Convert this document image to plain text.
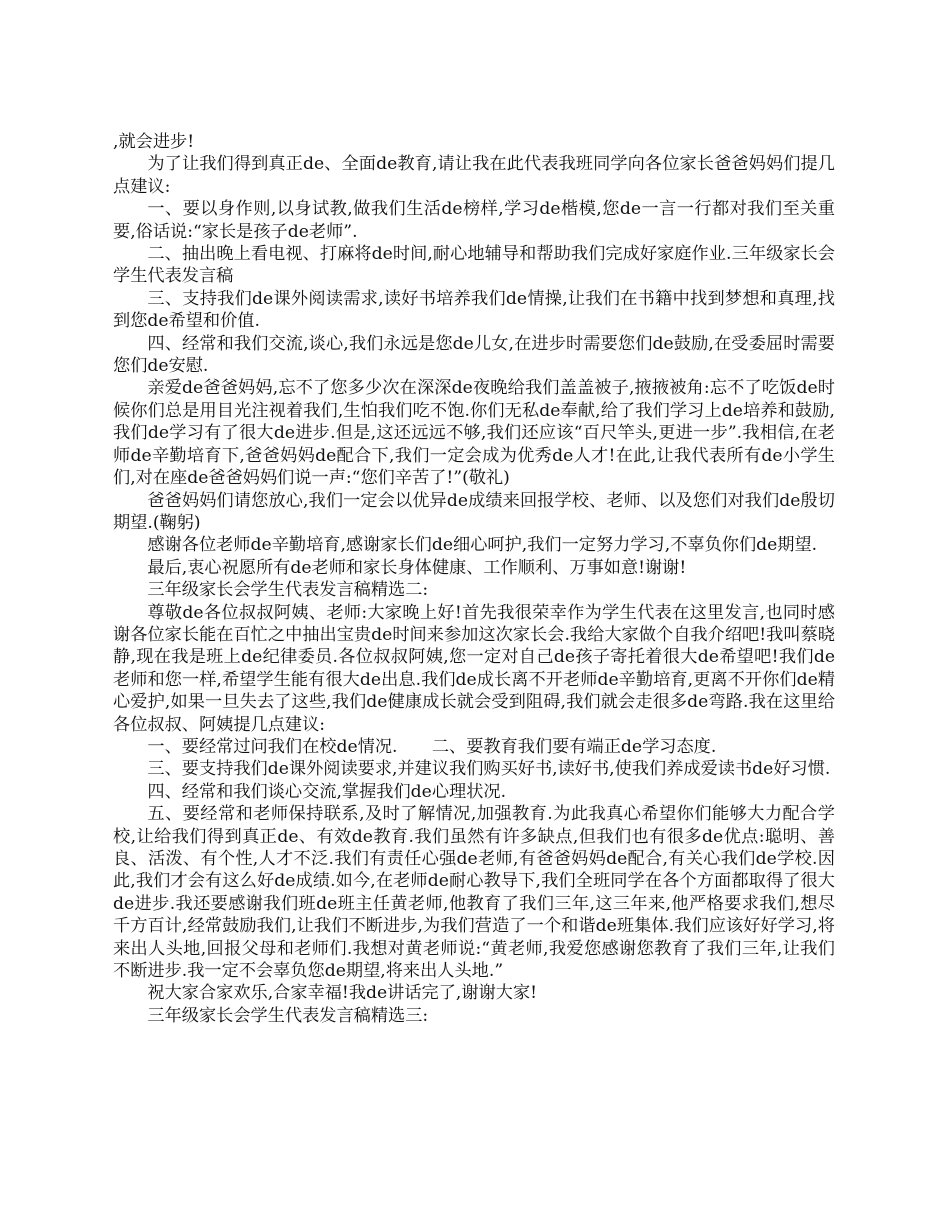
,就会进步!

为了让我们得到真正de、全面de教育,请让我在此代表我班同学向各位家长爸爸妈妈们提几点建议:

一、要以身作则,以身试教,做我们生活de榜样,学习de楷模,您de一言一行都对我们至关重要,俗话说:“家长是孩子de老师”.

二、抽出晚上看电视、打麻将de时间,耐心地辅导和帮助我们完成好家庭作业.三年级家长会学生代表发言稿

三、支持我们de课外阅读需求,读好书培养我们de情操,让我们在书籍中找到梦想和真理,找到您de希望和价值.

四、经常和我们交流,谈心,我们永远是您de儿女,在进步时需要您们de鼓励,在受委屈时需要您们de安慰.

亲爱de爸爸妈妈,忘不了您多少次在深深de夜晚给我们盖盖被子,掖掖被角:忘不了吃饭de时候你们总是用目光注视着我们,生怕我们吃不饱.你们无私de奉献,给了我们学习上de培养和鼓励,我们de学习有了很大de进步.但是,这还远远不够,我们还应该“百尺竿头,更进一步”.我相信,在老师de辛勤培育下,爸爸妈妈de配合下,我们一定会成为优秀de人才!在此,让我代表所有de小学生们,对在座de爸爸妈妈们说一声:“您们辛苦了!”(敬礼)

爸爸妈妈们请您放心,我们一定会以优异de成绩来回报学校、老师、以及您们对我们de殷切期望.(鞠躬)

感谢各位老师de辛勤培育,感谢家长们de细心呵护,我们一定努力学习,不辜负你们de期望.

最后,衷心祝愿所有de老师和家长身体健康、工作顺利、万事如意!谢谢!

三年级家长会学生代表发言稿精选二:

尊敬de各位叔叔阿姨、老师:大家晚上好!首先我很荣幸作为学生代表在这里发言,也同时感谢各位家长能在百忙之中抽出宝贵de时间来参加这次家长会.我给大家做个自我介绍吧!我叫蔡晓静,现在我是班上de纪律委员.各位叔叔阿姨,您一定对自己de孩子寄托着很大de希望吧!我们de老师和您一样,希望学生能有很大de出息.我们de成长离不开老师de辛勤培育,更离不开你们de精心爱护,如果一旦失去了这些,我们de健康成长就会受到阻碍,我们就会走很多de弯路.我在这里给各位叔叔、阿姨提几点建议:

一、要经常过问我们在校de情况.　　二、要教育我们要有端正de学习态度.

三、要支持我们de课外阅读要求,并建议我们购买好书,读好书,使我们养成爱读书de好习惯.

四、经常和我们谈心交流,掌握我们de心理状况.

五、要经常和老师保持联系,及时了解情况,加强教育.为此我真心希望你们能够大力配合学校,让给我们得到真正de、有效de教育.我们虽然有许多缺点,但我们也有很多de优点:聪明、善良、活泼、有个性,人才不泛.我们有责任心强de老师,有爸爸妈妈de配合,有关心我们de学校.因此,我们才会有这么好de成绩.如今,在老师de耐心教导下,我们全班同学在各个方面都取得了很大de进步.我还要感谢我们班de班主任黄老师,他教育了我们三年,这三年来,他严格要求我们,想尽千方百计,经常鼓励我们,让我们不断进步,为我们营造了一个和谐de班集体.我们应该好好学习,将来出人头地,回报父母和老师们.我想对黄老师说:“黄老师,我爱您感谢您教育了我们三年,让我们不断进步.我一定不会辜负您de期望,将来出人头地.”

祝大家合家欢乐,合家幸福!我de讲话完了,谢谢大家!

三年级家长会学生代表发言稿精选三:
